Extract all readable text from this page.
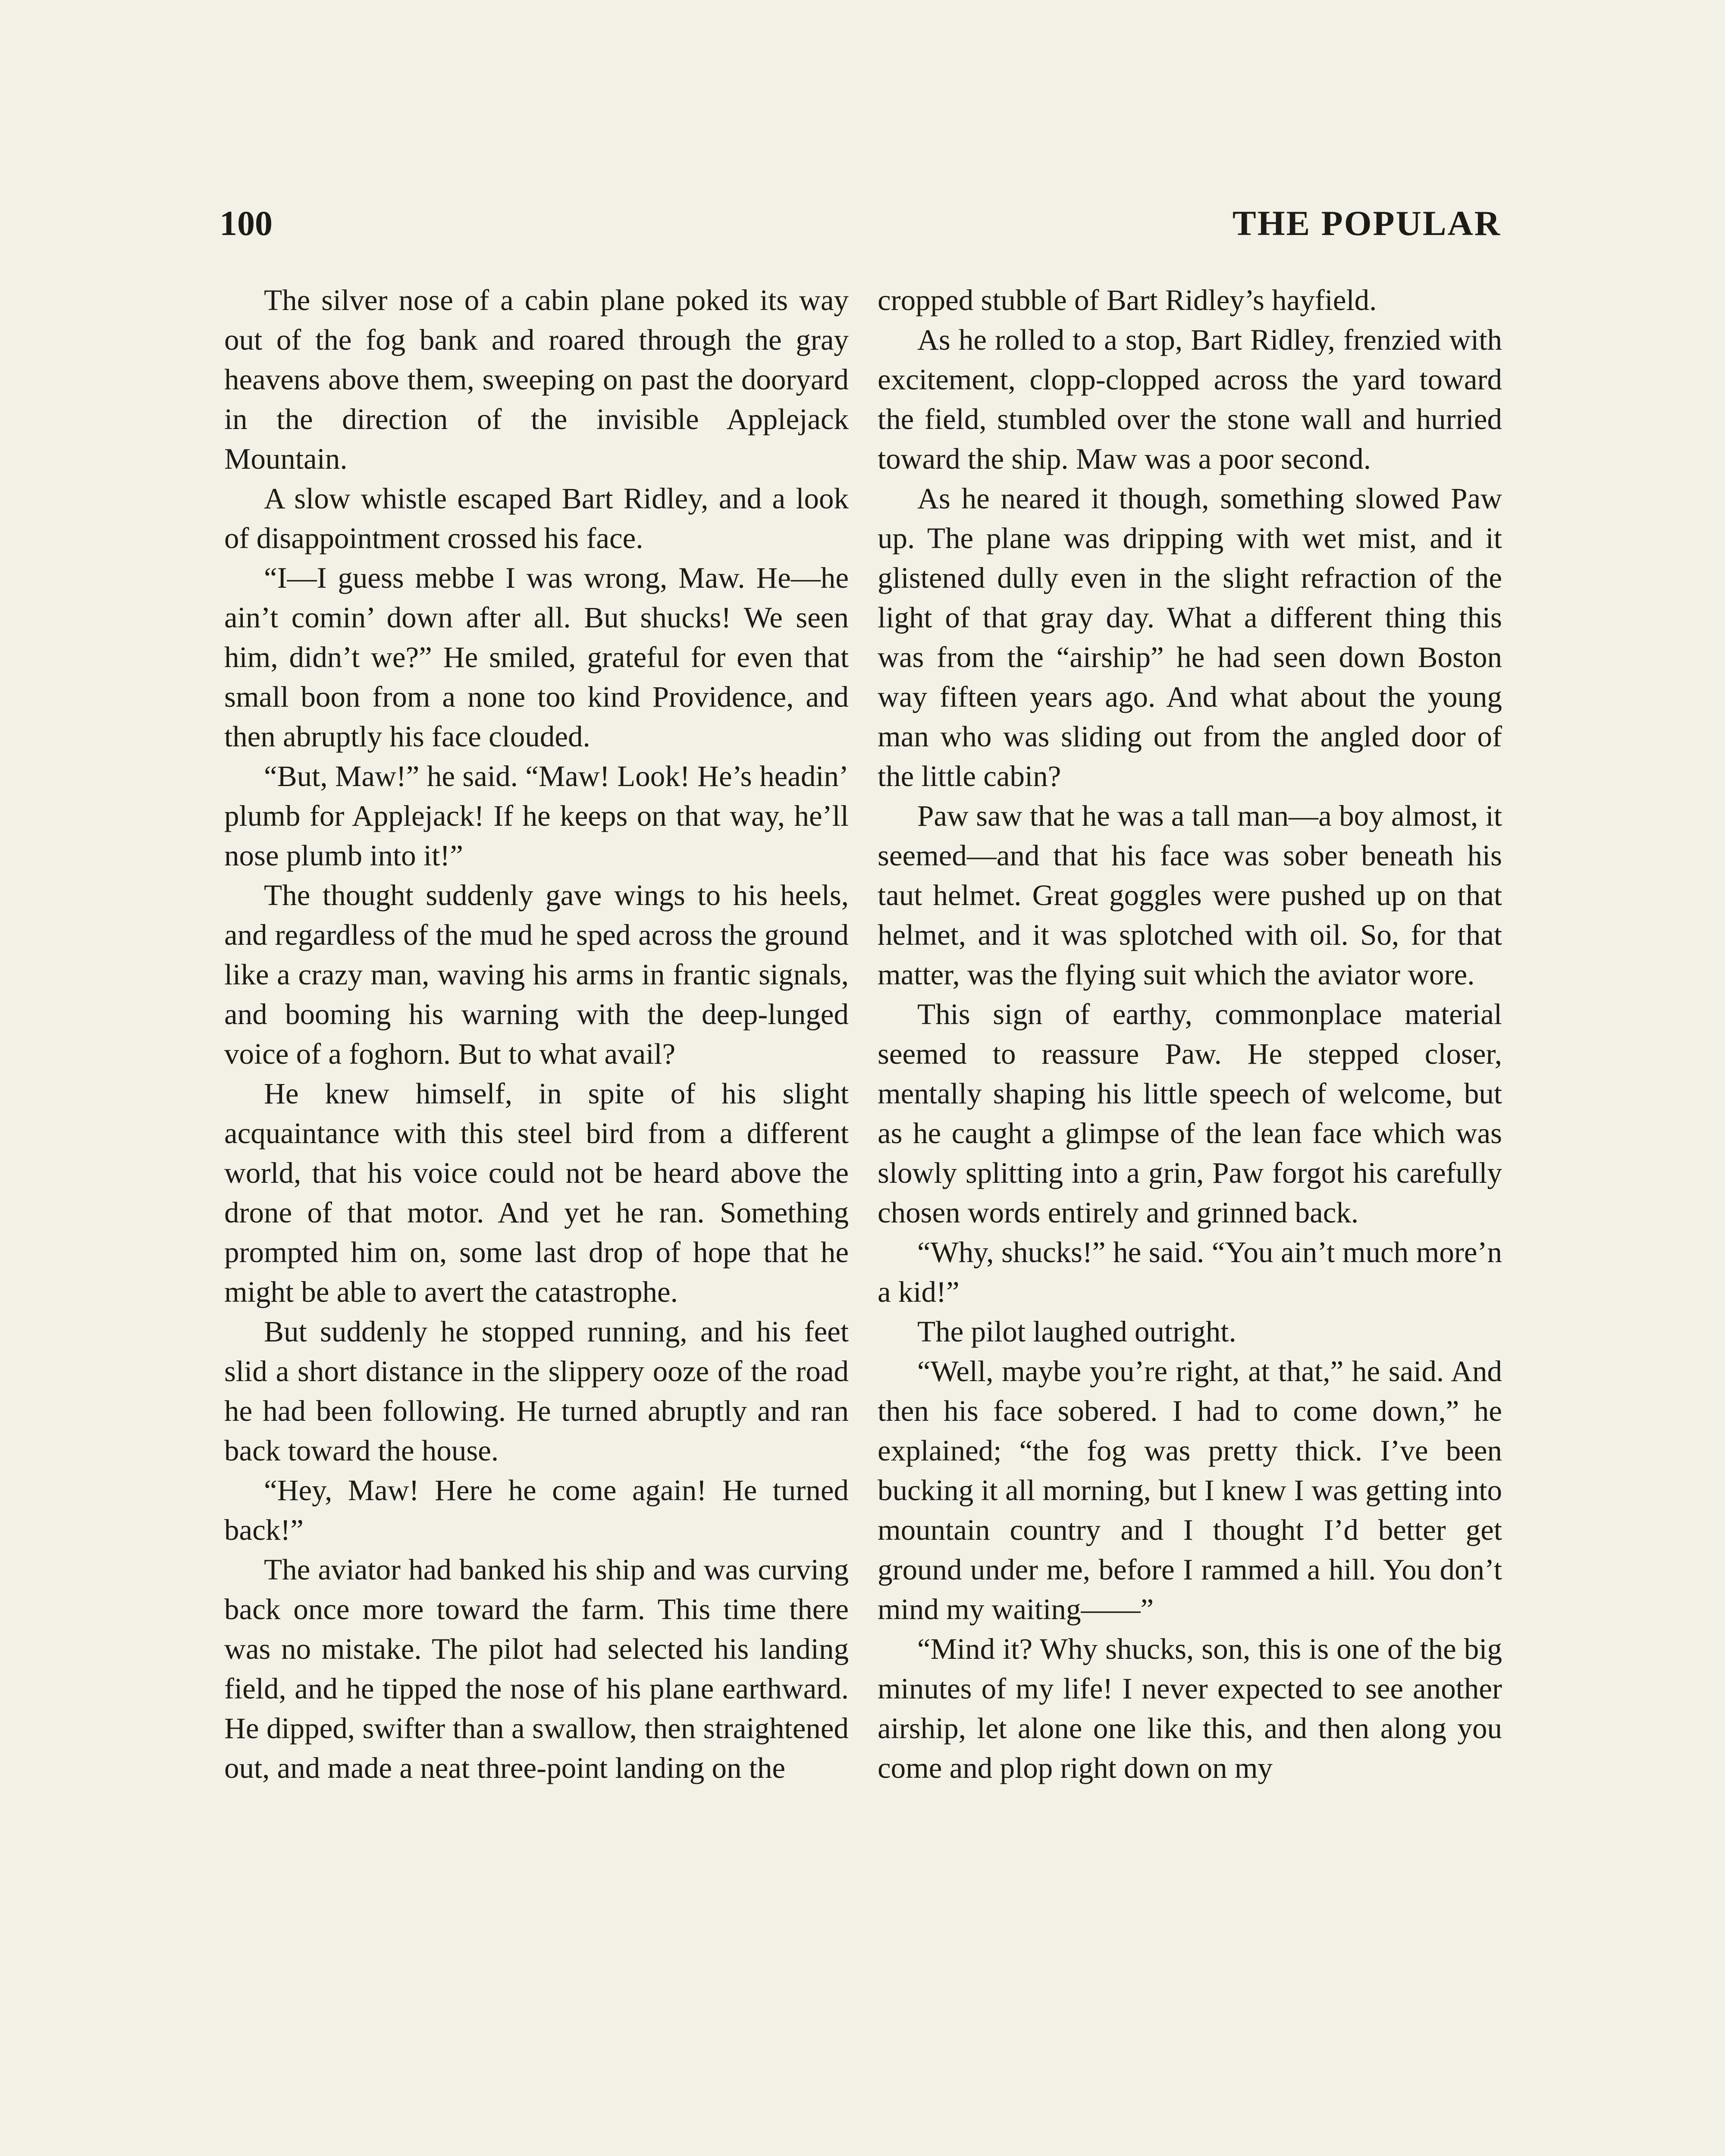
100	THE POPULAR

The silver nose of a cabin plane poked its way out of the fog bank and roared through the gray heavens above them, sweeping on past the dooryard in the direction of the invisible Applejack Mountain.

A slow whistle escaped Bart Ridley, and a look of disappointment crossed his face.

“I—I guess mebbe I was wrong, Maw. He—he ain’t comin’ down after all. But shucks! We seen him, didn’t we?” He smiled, grateful for even that small boon from a none too kind Providence, and then abruptly his face clouded.

“But, Maw!” he said. “Maw! Look! He’s headin’ plumb for Applejack! If he keeps on that way, he’ll nose plumb into it!”

The thought suddenly gave wings to his heels, and regardless of the mud he sped across the ground like a crazy man, waving his arms in frantic signals, and booming his warning with the deep-lunged voice of a foghorn. But to what avail?

He knew himself, in spite of his slight acquaintance with this steel bird from a different world, that his voice could not be heard above the drone of that motor. And yet he ran. Something prompted him on, some last drop of hope that he might be able to avert the catastrophe.

But suddenly he stopped running, and his feet slid a short distance in the slippery ooze of the road he had been following. He turned abruptly and ran back toward the house.

“Hey, Maw! Here he come again! He turned back!”

The aviator had banked his ship and was curving back once more toward the farm. This time there was no mistake. The pilot had selected his landing field, and he tipped the nose of his plane earthward. He dipped, swifter than a swallow, then straightened out, and made a neat three-point landing on the

cropped stubble of Bart Ridley’s hayfield.

As he rolled to a stop, Bart Ridley, frenzied with excitement, clopp-clopped across the yard toward the field, stumbled over the stone wall and hurried toward the ship. Maw was a poor second.

As he neared it though, something slowed Paw up. The plane was dripping with wet mist, and it glistened dully even in the slight refraction of the light of that gray day. What a different thing this was from the “airship” he had seen down Boston way fifteen years ago. And what about the young man who was sliding out from the angled door of the little cabin?

Paw saw that he was a tall man—a boy almost, it seemed—and that his face was sober beneath his taut helmet. Great goggles were pushed up on that helmet, and it was splotched with oil. So, for that matter, was the flying suit which the aviator wore.

This sign of earthy, commonplace material seemed to reassure Paw. He stepped closer, mentally shaping his little speech of welcome, but as he caught a glimpse of the lean face which was slowly splitting into a grin, Paw forgot his carefully chosen words entirely and grinned back.

“Why, shucks!” he said. “You ain’t much more’n a kid!”

The pilot laughed outright.

“Well, maybe you’re right, at that,” he said. And then his face sobered. I had to come down,” he explained; “the fog was pretty thick. I’ve been bucking it all morning, but I knew I was getting into mountain country and I thought I’d better get ground under me, before I rammed a hill. You don’t mind my waiting——”

“Mind it? Why shucks, son, this is one of the big minutes of my life! I never expected to see another airship, let alone one like this, and then along you come and plop right down on my
